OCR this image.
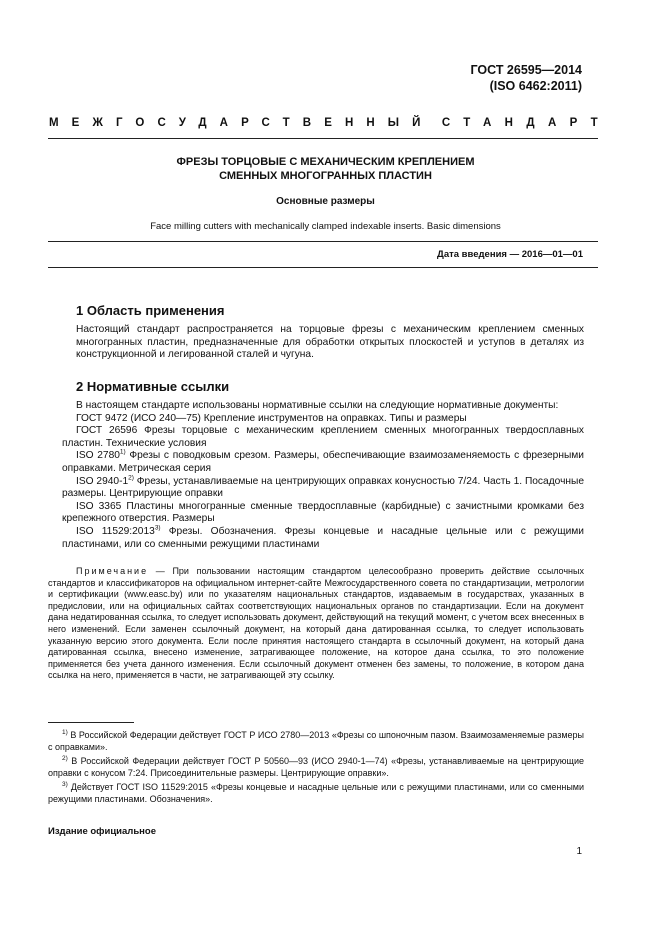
ГОСТ 26595—2014
(ISO 6462:2011)
МЕЖГОСУДАРСТВЕННЫЙ СТАНДАРТ
ФРЕЗЫ ТОРЦОВЫЕ С МЕХАНИЧЕСКИМ КРЕПЛЕНИЕМ
СМЕННЫХ МНОГОГРАННЫХ ПЛАСТИН
Основные размеры
Face milling cutters with mechanically clamped indexable inserts. Basic dimensions
Дата введения — 2016—01—01
1 Область применения

Настоящий стандарт распространяется на торцовые фрезы с механическим креплением сменных многогранных пластин, предназначенные для обработки открытых плоскостей и уступов в деталях из конструкционной и легированной сталей и чугуна.

2 Нормативные ссылки
В настоящем стандарте использованы нормативные ссылки на следующие нормативные документы:
ГОСТ 9472 (ИСО 240—75) Крепление инструментов на оправках. Типы и размеры
ГОСТ 26596 Фрезы торцовые с механическим креплением сменных многогранных твердосплавных пластин. Технические условия
ISO 2780$^{1)}$ Фрезы с поводковым срезом. Размеры, обеспечивающие взаимозаменяемость с фрезерными оправками. Метрическая серия
ISO 2940-1$^{2)}$ Фрезы, устанавливаемые на центрирующих оправках конусностью 7/24. Часть 1. Посадочные размеры. Центрирующие оправки
ISO 3365 Пластины многогранные сменные твердосплавные (карбидные) с зачистными кромками без крепежного отверстия. Размеры
ISO 11529:2013$^{3)}$ Фрезы. Обозначения. Фрезы концевые и насадные цельные или с режущими пластинами, или со сменными режущими пластинами
Примечание — При пользовании настоящим стандартом целесообразно проверить действие ссылочных стандартов и классификаторов на официальном интернет-сайте Межгосударственного совета по стандартизации, метрологии и сертификации (www.easc.by) или по указателям национальных стандартов, издаваемым в государствах, указанных в предисловии, или на официальных сайтах соответствующих национальных органов по стандартизации. Если на документ дана недатированная ссылка, то следует использовать документ, действующий на текущий момент, с учетом всех внесенных в него изменений. Если заменен ссылочный документ, на который дана датированная ссылка, то следует использовать указанную версию этого документа. Если после принятия настоящего стандарта в ссылочный документ, на который дана датированная ссылка, внесено изменение, затрагивающее положение, на которое дана ссылка, то это положение применяется без учета данного изменения. Если ссылочный документ отменен без замены, то положение, в котором дана ссылка на него, применяется в части, не затрагивающей эту ссылку.
$^{1)}$ В Российской Федерации действует ГОСТ Р ИСО 2780—2013 «Фрезы со шпоночным пазом. Взаимозаменяемые размеры с оправками».
$^{2)}$ В Российской Федерации действует ГОСТ Р 50560—93 (ИСО 2940-1—74) «Фрезы, устанавливаемые на центрирующие оправки с конусом 7:24. Присоединительные размеры. Центрирующие оправки».
$^{3)}$ Действует ГОСТ ISO 11529:2015 «Фрезы концевые и насадные цельные или с режущими пластинами, или со сменными режущими пластинами. Обозначения».
Издание официальное
1
